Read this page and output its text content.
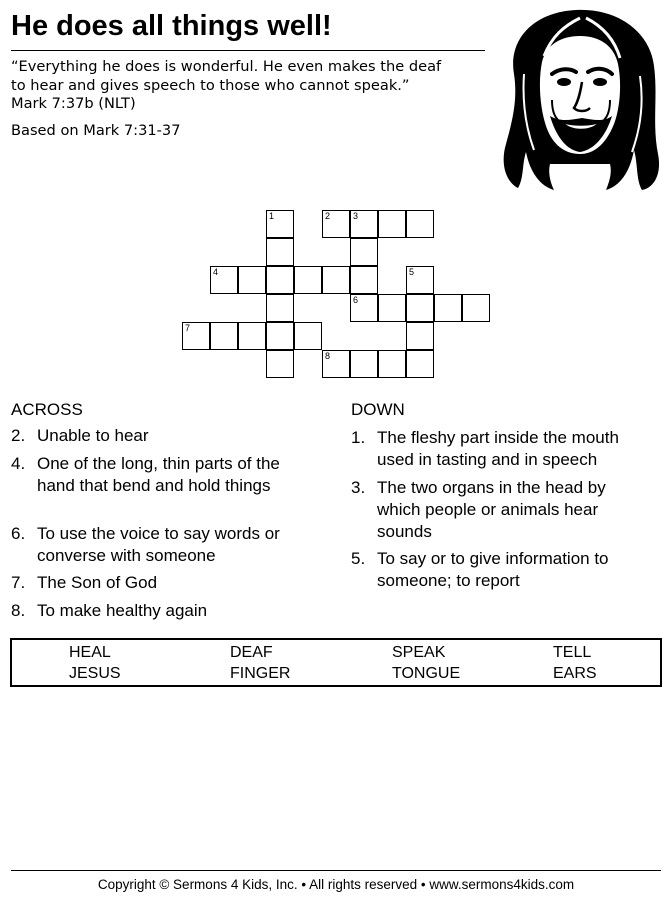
He does all things well!

“Everything he does is wonderful. He even makes the deaf
to hear and gives speech to those who cannot speak.”

Mark 7:37b (NLT)

Based on Mark 7:31-37

1	2	3
4	5
6
7
8
ACROSS	DOWN
2. Unable to hear
4. One of the long, thin parts of the
hand that bend and hold things
6. To use the voice to say words or
converse with someone
7. The Son of God
8. To make healthy again
1. The fleshy part inside the mouth
used in tasting and in speech
3. The two organs in the head by
which people or animals hear
sounds
5. To say or to give information to
someone; to report
HEAL	DEAF	SPEAK	TELL
JESUS	FINGER	TONGUE	EARS

Copyright © Sermons 4 Kids, Inc. • All rights reserved • www.sermons4kids.com
